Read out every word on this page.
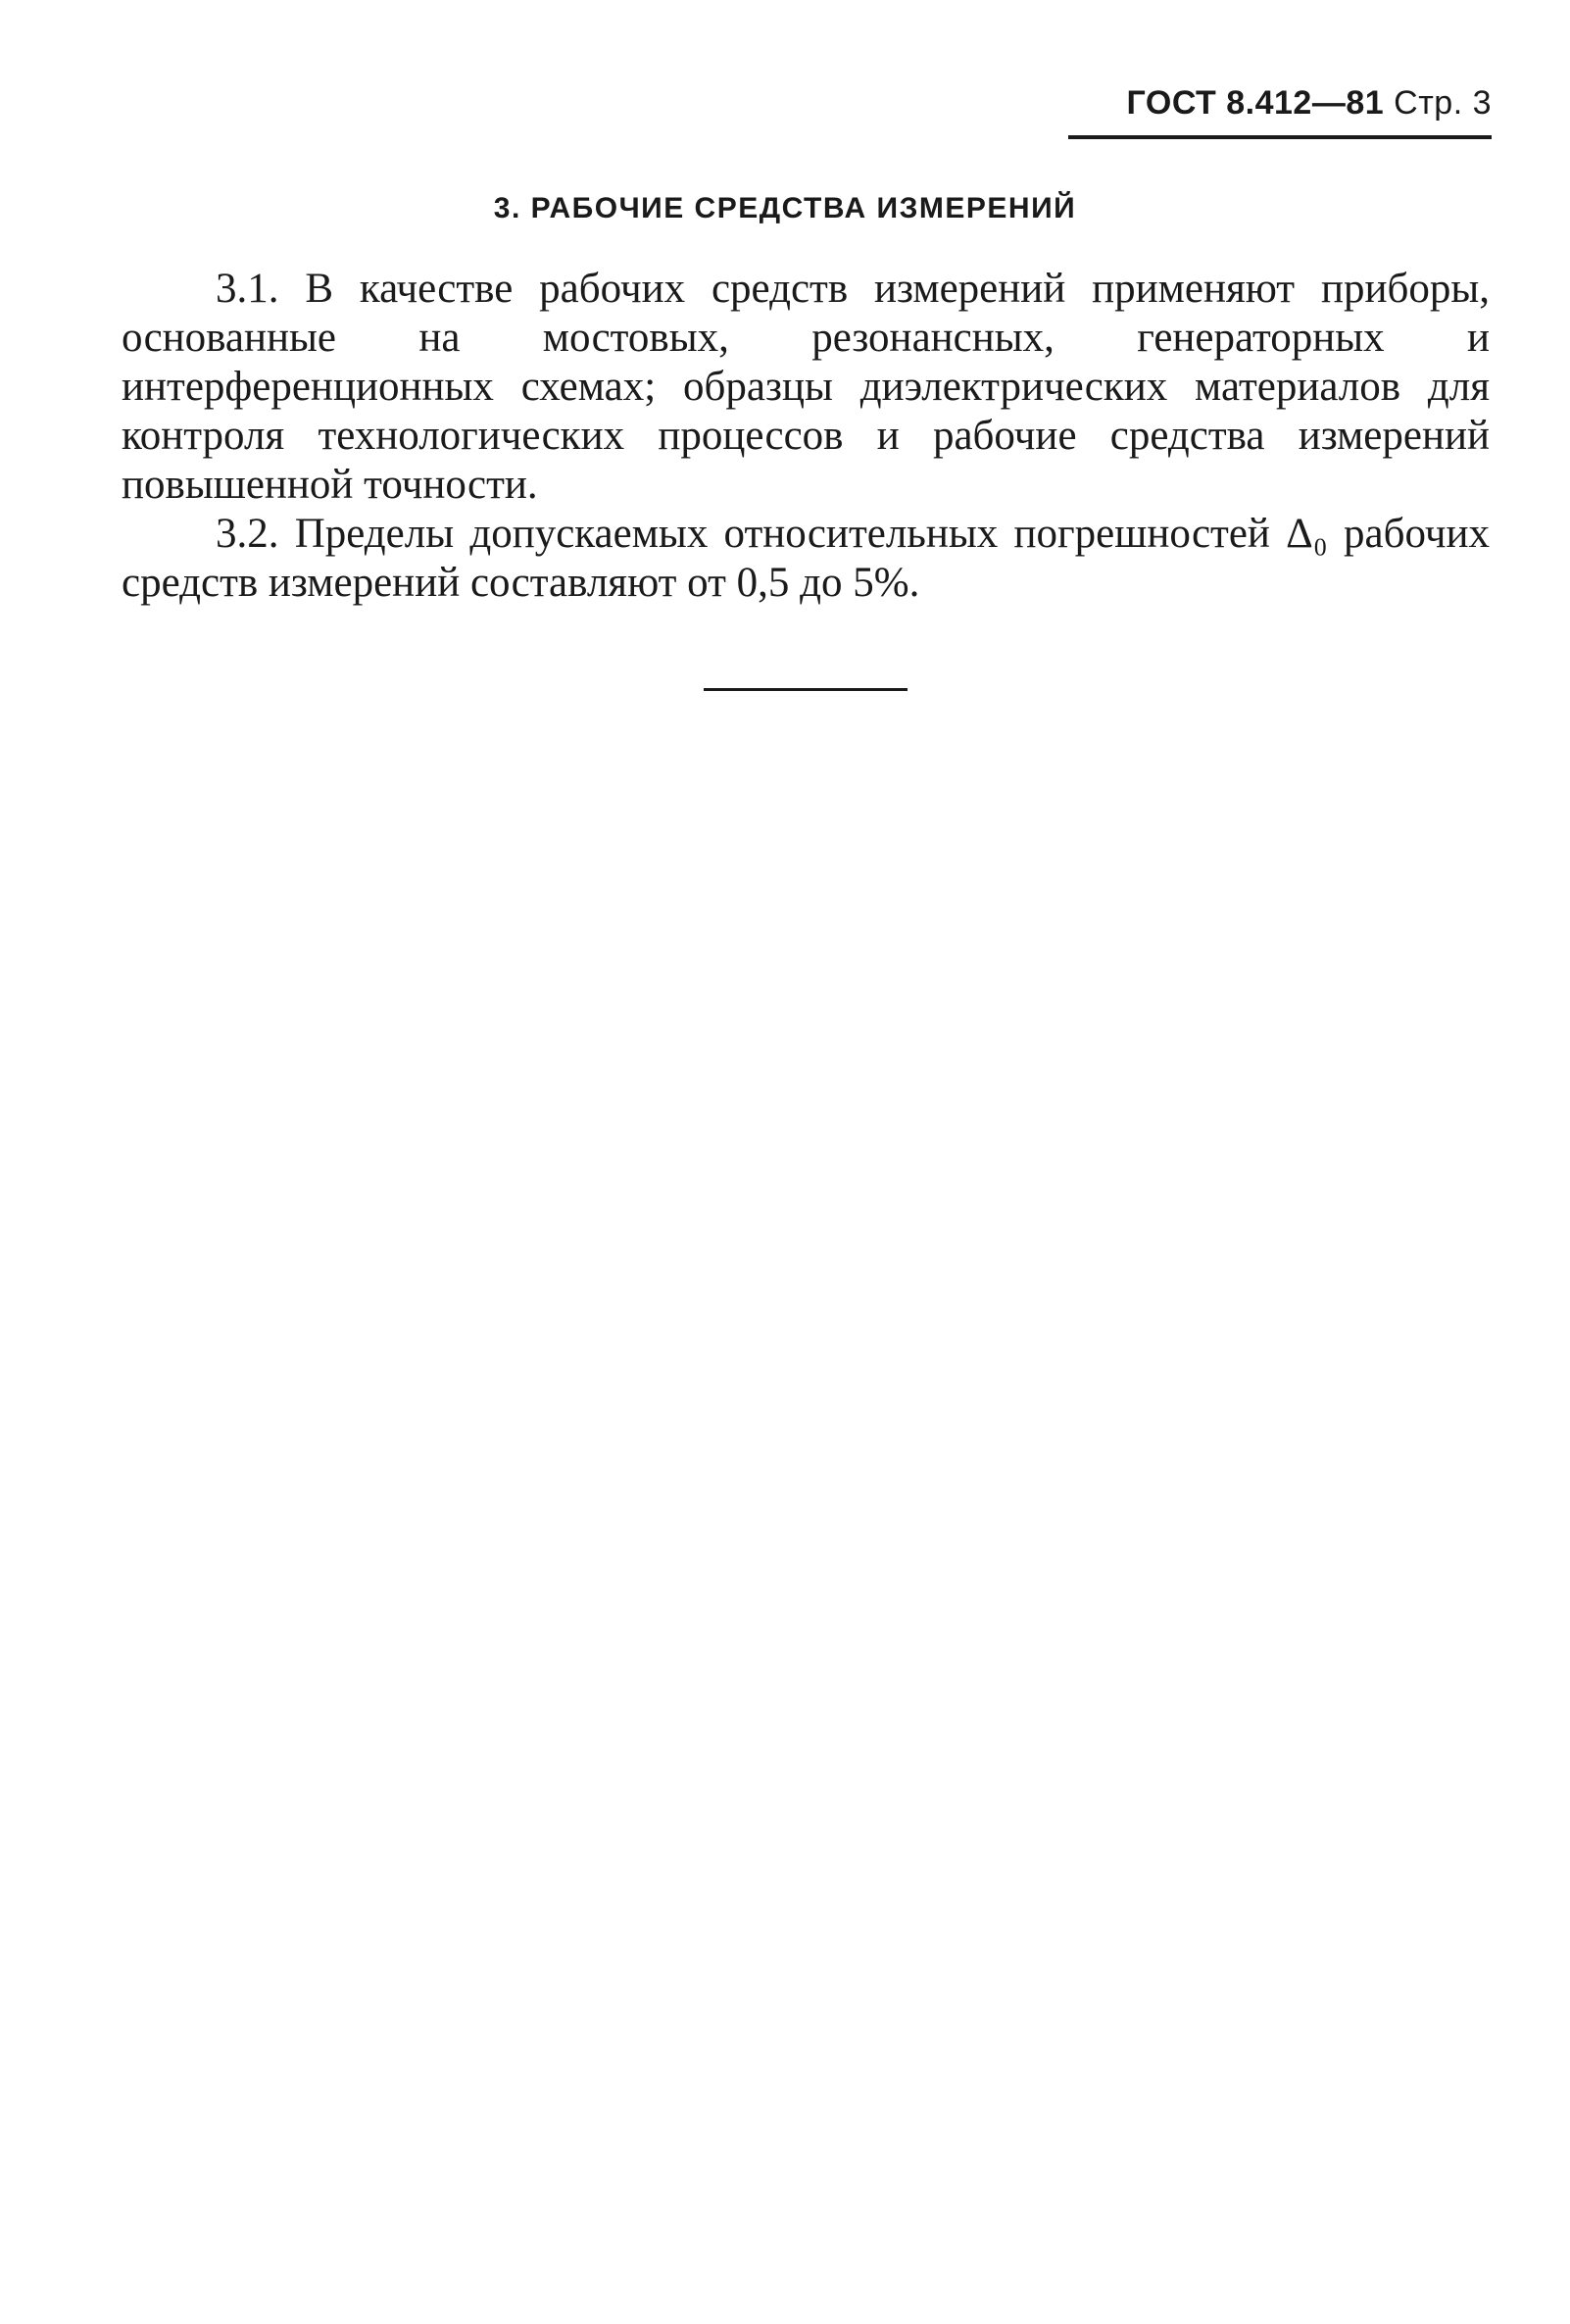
ГОСТ 8.412—81 Стр. 3
3. РАБОЧИЕ СРЕДСТВА ИЗМЕРЕНИЙ

3.1. В качестве рабочих средств измерений применяют приборы, основанные на мостовых, резонансных, генераторных и интерференционных схемах; образцы диэлектрических материалов для контроля технологических процессов и рабочие средства измерений повышенной точности.

3.2. Пределы допускаемых относительных погрешностей Δ₀ рабочих средств измерений составляют от 0,5 до 5%.
